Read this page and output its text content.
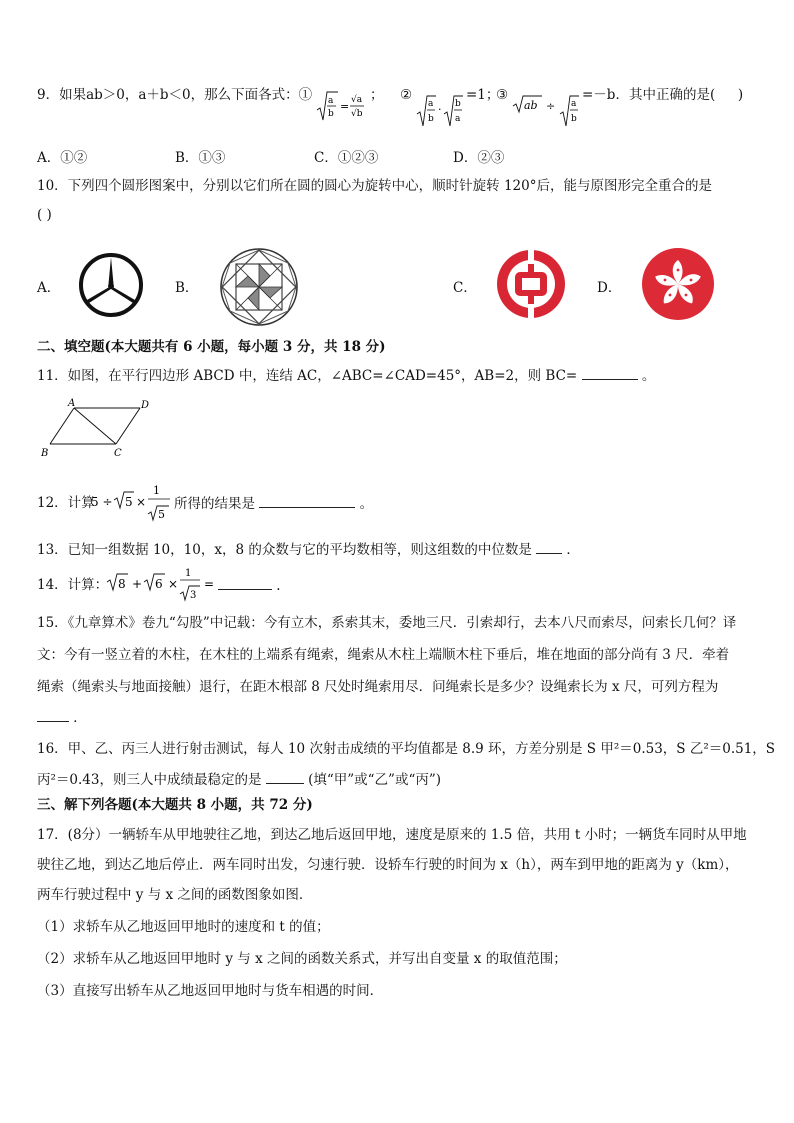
9．如果ab＞0，a＋b＜0，那么下面各式：① a
b
= √a
√b
； ②
a
b
· b
a
=1；
③
ab ÷ a
b
=－b．其中正确的是( )
A．①②	B．①③	C．①②③	D．②③
10．下列四个圆形图案中，分别以它们所在圆的圆心为旋转中心，顺时针旋转 120°后，能与原图形完全重合的是
( )
A．	B．	C．	D．
二、填空题(本大题共有 6 小题，每小题 3 分，共 18 分)
11．如图，在平行四边形 ABCD 中，连结 AC，∠ABC=∠CAD=45°，AB=2，则 BC=	。
A	D
B	C
12．计算
5 ÷ 5 ×
1
5
所得的结果是	。
13．已知一组数据 10，10，x，8 的众数与它的平均数相等，则这组数的中位数是	．
14．计算： 8 + 6 ×
1
3
=	.
15．《九章算术》卷九“勾股”中记载：今有立木，系索其末，委地三尺．引索却行，去本八尺而索尽，问索长几何？译
文：今有一竖立着的木柱，在木柱的上端系有绳索，绳索从木柱上端顺木柱下垂后，堆在地面的部分尚有 3 尺．牵着
绳索（绳索头与地面接触）退行，在距木根部 8 尺处时绳索用尽．问绳索长是多少？设绳索长为 x 尺，可列方程为
．
16．甲、乙、丙三人进行射击测试，每人 10 次射击成绩的平均值都是 8.9 环，方差分别是 S 甲²＝0.53，S 乙²＝0.51，S
丙²＝0.43，则三人中成绩最稳定的是	(填“甲”或“乙”或“丙”)
三、解下列各题(本大题共 8 小题，共 72 分)
17．(8分）一辆轿车从甲地驶往乙地，到达乙地后返回甲地，速度是原来的 1.5 倍，共用 t 小时；一辆货车同时从甲地
驶往乙地，到达乙地后停止．两车同时出发，匀速行驶．设轿车行驶的时间为 x（h），两车到甲地的距离为 y（km），
两车行驶过程中 y 与 x 之间的函数图象如图．
（1）求轿车从乙地返回甲地时的速度和 t 的值；
（2）求轿车从乙地返回甲地时 y 与 x 之间的函数关系式，并写出自变量 x 的取值范围；
（3）直接写出轿车从乙地返回甲地时与货车相遇的时间．
